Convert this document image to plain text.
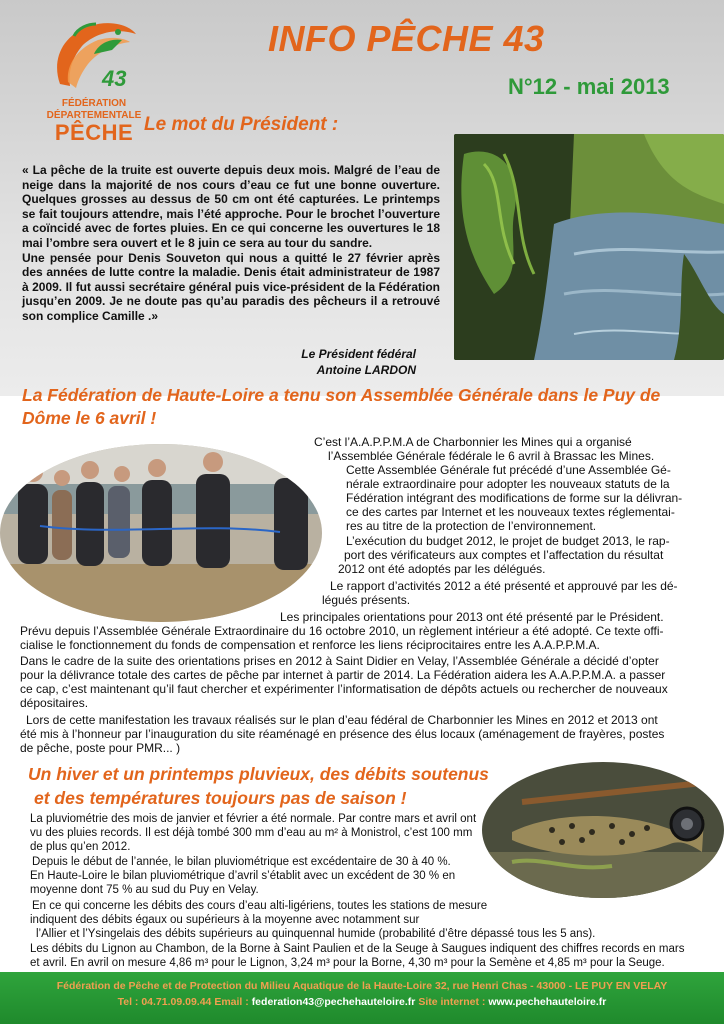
43
FÉDÉRATION
DÉPARTEMENTALE
PÊCHE
INFO PÊCHE 43
N°12 - mai 2013
Le mot du Président :

« La pêche de la truite est ouverte depuis deux mois. Malgré de l’eau de neige dans la majorité de nos cours d’eau ce fut une bonne ouverture. Quelques grosses au dessus de 50 cm ont été capturées. Le printemps se fait toujours attendre, mais l’été approche. Pour le brochet l’ouverture a coïncidé avec de fortes pluies. En ce qui concerne les ouvertures le 18 mai l’ombre sera ouvert et le 8 juin ce sera au tour du sandre.

Une pensée pour Denis Souveton qui nous a quitté le 27 février après des années de lutte contre la maladie. Denis était administrateur de 1987 à 2009. Il fut aussi secrétaire général puis vice-président de la Fédération jusqu’en 2009. Je ne doute pas qu’au paradis des pêcheurs il a retrouvé son complice Camille .»

Le Président fédéral
Antoine LARDON
La Fédération de Haute-Loire a tenu son Assemblée Générale dans le Puy de Dôme le 6 avril !
C’est l’A.A.P.P.M.A de Charbonnier les Mines qui a organisé
l’Assemblée Générale fédérale le 6 avril à Brassac les Mines.
Cette Assemblée Générale fut précédé d’une Assemblée Gé-
nérale extraordinaire pour adopter les nouveaux statuts de la
Fédération intégrant des modifications de forme sur la délivran-
ce des cartes par Internet et les nouveaux textes réglementai-
res au titre de la protection de l’environnement.
L’exécution du budget 2012, le projet de budget 2013, le rap-
port des vérificateurs aux comptes et l’affectation du résultat
2012 ont été adoptés par les délégués.
Le rapport d’activités 2012 a été présenté et approuvé par les dé-
légués présents.
Les principales orientations pour 2013 ont été présenté par le Président.
Prévu depuis l’Assemblée Générale Extraordinaire du 16 octobre 2010, un règlement intérieur a été adopté. Ce texte offi-
cialise le fonctionnement du fonds de compensation et renforce les liens réciprocitaires entre les A.A.P.P.M.A.
Dans le cadre de la suite des orientations prises en 2012 à Saint Didier en Velay, l’Assemblée Générale a décidé d’opter
pour la délivrance totale des cartes de pêche par internet à partir de 2014. La Fédération aidera les A.A.P.P.M.A. a passer
ce cap, c’est maintenant qu’il faut chercher et expérimenter l’informatisation de dépôts actuels ou rechercher de nouveaux
dépositaires.
Lors de cette manifestation les travaux réalisés sur le plan d’eau fédéral de Charbonnier les Mines en 2012 et 2013 ont
été mis à l’honneur par l’inauguration du site réaménagé en présence des élus locaux (aménagement de frayères, postes
de pêche, poste pour PMR... )
Un hiver et un printemps pluvieux, des débits soutenus
et des températures toujours pas de saison !
La pluviométrie des mois de janvier et février a été normale. Par contre mars et avril ont
vu des pluies records. Il est déjà tombé 300 mm d’eau au m² à Monistrol, c’est 100 mm
de plus qu’en 2012.
Depuis le début de l’année, le bilan pluviométrique est excédentaire de 30 à 40 %.
En Haute-Loire le bilan pluviométrique d’avril s’établit avec un excédent de 30 % en
moyenne dont 75 % au sud du Puy en Velay.
En ce qui concerne les débits des cours d’eau alti-ligériens, toutes les stations de mesure
indiquent des débits égaux ou supérieurs à la moyenne avec notamment sur
l’Allier et l’Ysingelais des débits supérieurs au quinquennal humide (probabilité d’être dépassé tous les 5 ans).
Les débits du Lignon au Chambon, de la Borne à Saint Paulien et de la Seuge à Saugues indiquent des chiffres records en mars
et avril. En avril on mesure 4,86 m³ pour le Lignon, 3,24 m³ pour la Borne, 4,30 m³ pour la Semène et 4,85 m³ pour la Seuge.
Fédération de Pêche et de Protection du Milieu Aquatique de la Haute-Loire 32, rue Henri Chas - 43000 - LE PUY EN VELAY
Tel : 04.71.09.09.44 Email : federation43@pechehauteloire.fr Site internet : www.pechehauteloire.fr
